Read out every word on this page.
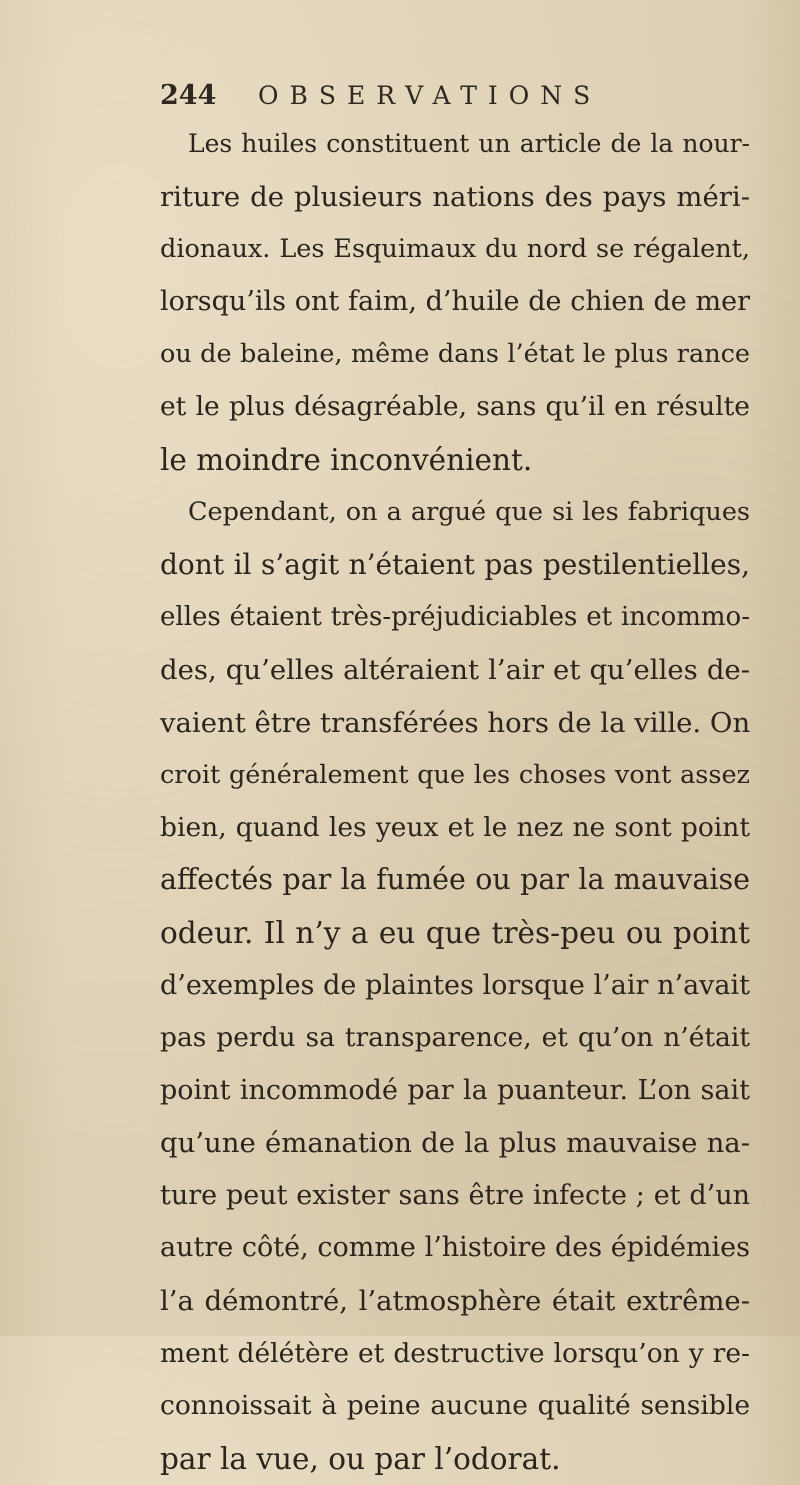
244	OBSERVATIONS
Les huiles constituent un article de la nour-
riture de plusieurs nations des pays méri-
dionaux. Les Esquimaux du nord se régalent,
lorsqu’ils ont faim, d’huile de chien de mer
ou de baleine, même dans l’état le plus rance
et le plus désagréable, sans qu’il en résulte
le moindre inconvénient.
Cependant, on a argué que si les fabriques
dont il s’agit n’étaient pas pestilentielles,
elles étaient très-préjudiciables et incommo-
des, qu’elles altéraient l’air et qu’elles de-
vaient être transférées hors de la ville. On
croit généralement que les choses vont assez
bien, quand les yeux et le nez ne sont point
affectés par la fumée ou par la mauvaise
odeur. Il n’y a eu que très-peu ou point
d’exemples de plaintes lorsque l’air n’avait
pas perdu sa transparence, et qu’on n’était
point incommodé par la puanteur. L’on sait
qu’une émanation de la plus mauvaise na-
ture peut exister sans être infecte ; et d’un
autre côté, comme l’histoire des épidémies
l’a démontré, l’atmosphère était extrême-
ment délétère et destructive lorsqu’on y re-
connoissait à peine aucune qualité sensible
par la vue, ou par l’odorat.
